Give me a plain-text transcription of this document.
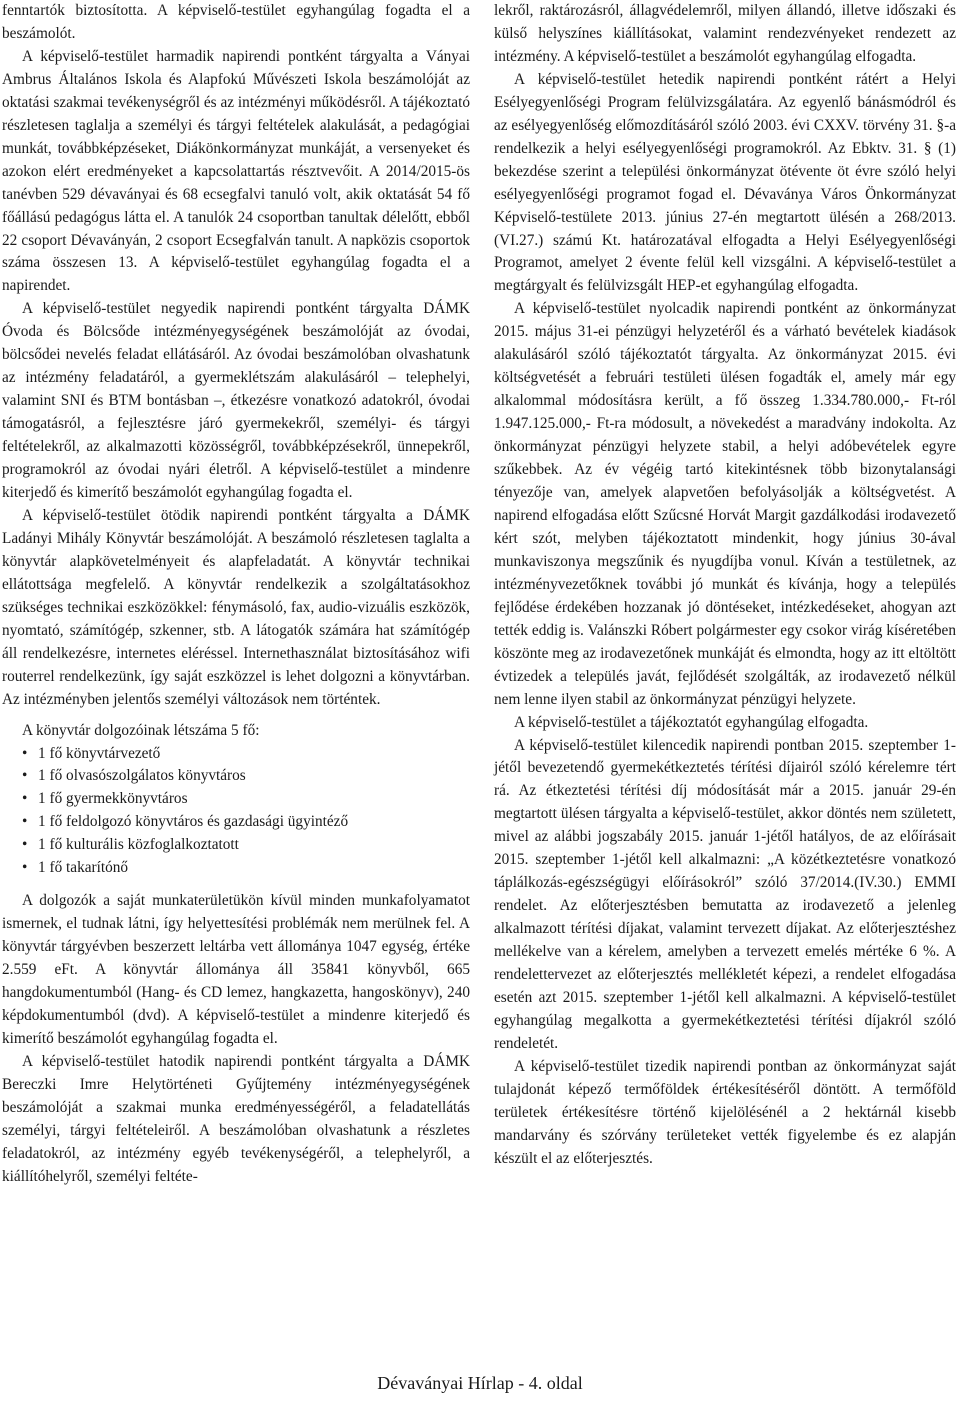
fenntartók biztosította. A képviselő-testület egyhangúlag fogadta el a beszámolót.

A képviselő-testület harmadik napirendi pontként tárgyalta a Ványai Ambrus Általános Iskola és Alapfokú Művészeti Iskola beszámolóját az oktatási szakmai tevékenységről és az intézményi működésről. A tájékoztató részletesen taglalja a személyi és tárgyi feltételek alakulását, a pedagógiai munkát, továbbképzéseket, Diákönkormányzat munkáját, a versenyeket és azokon elért eredményeket a kapcsolattartás résztvevőit. A 2014/2015-ös tanévben 529 dévaványai és 68 ecsegfalvi tanuló volt, akik oktatását 54 fő főállású pedagógus látta el. A tanulók 24 csoportban tanultak délelőtt, ebből 22 csoport Dévaványán, 2 csoport Ecsegfalván tanult. A napközis csoportok száma összesen 13. A képviselő-testület egyhangúlag fogadta el a napirendet.

A képviselő-testület negyedik napirendi pontként tárgyalta DÁMK Óvoda és Bölcsőde intézményegységének beszámolóját az óvodai, bölcsődei nevelés feladat ellátásáról. Az óvodai beszámolóban olvashatunk az intézmény feladatáról, a gyermeklétszám alakulásáról – telephelyi, valamint SNI és BTM bontásban –, étkezésre vonatkozó adatokról, óvodai támogatásról, a fejlesztésre járó gyermekekről, személyi- és tárgyi feltételekről, az alkalmazotti közösségről, továbbképzésekről, ünnepekről, programokról az óvodai nyári életről. A képviselő-testület a mindenre kiterjedő és kimerítő beszámolót egyhangúlag fogadta el.

A képviselő-testület ötödik napirendi pontként tárgyalta a DÁMK Ladányi Mihály Könyvtár beszámolóját. A beszámoló részletesen taglalta a könyvtár alapkövetelményeit és alapfeladatát. A könyvtár technikai ellátottsága megfelelő. A könyvtár rendelkezik a szolgáltatásokhoz szükséges technikai eszközökkel: fénymásoló, fax, audio-vizuális eszközök, nyomtató, számítógép, szkenner, stb. A látogatók számára hat számítógép áll rendelkezésre, internetes eléréssel. Internethasználat biztosításához wifi routerrel rendelkezünk, így saját eszközzel is lehet dolgozni a könyvtárban. Az intézményben jelentős személyi változások nem történtek.

A könyvtár dolgozóinak létszáma 5 fő:
• 1 fő könyvtárvezető
• 1 fő olvasószolgálatos könyvtáros
• 1 fő gyermekkönyvtáros
• 1 fő feldolgozó könyvtáros és gazdasági ügyintéző
• 1 fő kulturális közfoglalkoztatott
• 1 fő takarítónő

A dolgozók a saját munkaterületükön kívül minden munkafolyamatot ismernek, el tudnak látni, így helyettesítési problémák nem merülnek fel. A könyvtár tárgyévben beszerzett leltárba vett állománya 1047 egység, értéke 2.559 eFt. A könyvtár állománya áll 35841 könyvből, 665 hangdokumentumból (Hang- és CD lemez, hangkazetta, hangoskönyv), 240 képdokumentumból (dvd). A képviselő-testület a mindenre kiterjedő és kimerítő beszámolót egyhangúlag fogadta el.

A képviselő-testület hatodik napirendi pontként tárgyalta a DÁMK Bereczki Imre Helytörténeti Gyűjtemény intézményegységének beszámolóját a szakmai munka eredményességéről, a feladatellátás személyi, tárgyi feltételeiről. A beszámolóban olvashatunk a részletes feladatokról, az intézmény egyéb tevékenységéről, a telephelyről, a kiállítóhelyről, személyi feltéte-

lekről, raktározásról, állagvédelemről, milyen állandó, illetve időszaki és külső helyszínes kiállításokat, valamint rendezvényeket rendezett az intézmény. A képviselő-testület a beszámolót egyhangúlag elfogadta.

A képviselő-testület hetedik napirendi pontként rátért a Helyi Esélyegyenlőségi Program felülvizsgálatára. Az egyenlő bánásmódról és az esélyegyenlőség előmozdításáról szóló 2003. évi CXXV. törvény 31. §-a rendelkezik a helyi esélyegyenlőségi programokról. Az Ebktv. 31. § (1) bekezdése szerint a települési önkormányzat ötévente öt évre szóló helyi esélyegyenlőségi programot fogad el. Dévaványa Város Önkormányzat Képviselő-testülete 2013. június 27-én megtartott ülésén a 268/2013.(VI.27.) számú Kt. határozatával elfogadta a Helyi Esélyegyenlőségi Programot, amelyet 2 évente felül kell vizsgálni. A képviselő-testület a megtárgyalt és felülvizsgált HEP-et egyhangúlag elfogadta.

A képviselő-testület nyolcadik napirendi pontként az önkormányzat 2015. május 31-ei pénzügyi helyzetéről és a várható bevételek kiadások alakulásáról szóló tájékoztatót tárgyalta. Az önkormányzat 2015. évi költségvetését a februári testületi ülésen fogadták el, amely már egy alkalommal módosításra került, a fő összeg 1.334.780.000,- Ft-ról 1.947.125.000,- Ft-ra módosult, a növekedést a maradvány indokolta. Az önkormányzat pénzügyi helyzete stabil, a helyi adóbevételek egyre szűkebbek. Az év végéig tartó kitekintésnek több bizonytalansági tényezője van, amelyek alapvetően befolyásolják a költségvetést. A napirend elfogadása előtt Szűcsné Horvát Margit gazdálkodási irodavezető kért szót, melyben tájékoztatott mindenkit, hogy június 30-ával munkaviszonya megszűnik és nyugdíjba vonul. Kíván a testületnek, az intézményvezetőknek további jó munkát és kívánja, hogy a település fejlődése érdekében hozzanak jó döntéseket, intézkedéseket, ahogyan azt tették eddig is. Valánszki Róbert polgármester egy csokor virág kíséretében köszönte meg az irodavezetőnek munkáját és elmondta, hogy az itt eltöltött évtizedek a település javát, fejlődését szolgálták, az irodavezető nélkül nem lenne ilyen stabil az önkormányzat pénzügyi helyzete.

A képviselő-testület a tájékoztatót egyhangúlag elfogadta.

A képviselő-testület kilencedik napirendi pontban 2015. szeptember 1-jétől bevezetendő gyermekétkeztetés térítési díjairól szóló kérelemre tért rá. Az étkeztetési térítési díj módosítását már a 2015. január 29-én megtartott ülésen tárgyalta a képviselő-testület, akkor döntés nem született, mivel az alábbi jogszabály 2015. január 1-jétől hatályos, de az előírásait 2015. szeptember 1-jétől kell alkalmazni: „A közétkeztetésre vonatkozó táplálkozás-egészségügyi előírásokról” szóló 37/2014.(IV.30.) EMMI rendelet. Az előterjesztésben bemutatta az irodavezető a jelenleg alkalmazott térítési díjakat, valamint tervezett díjakat. Az előterjesztéshez mellékelve van a kérelem, amelyben a tervezett emelés mértéke 6 %. A rendelettervezet az előterjesztés mellékletét képezi, a rendelet elfogadása esetén azt 2015. szeptember 1-jétől kell alkalmazni. A képviselő-testület egyhangúlag megalkotta a gyermekétkeztetési térítési díjakról szóló rendeletét.

A képviselő-testület tizedik napirendi pontban az önkormányzat saját tulajdonát képező termőföldek értékesítéséről döntött. A termőföld területek értékesítésre történő kijelölésénél a 2 hektárnál kisebb mandarvány és szórvány területeket vették figyelembe és ez alapján készült el az előterjesztés.

Dévaványai Hírlap - 4. oldal
